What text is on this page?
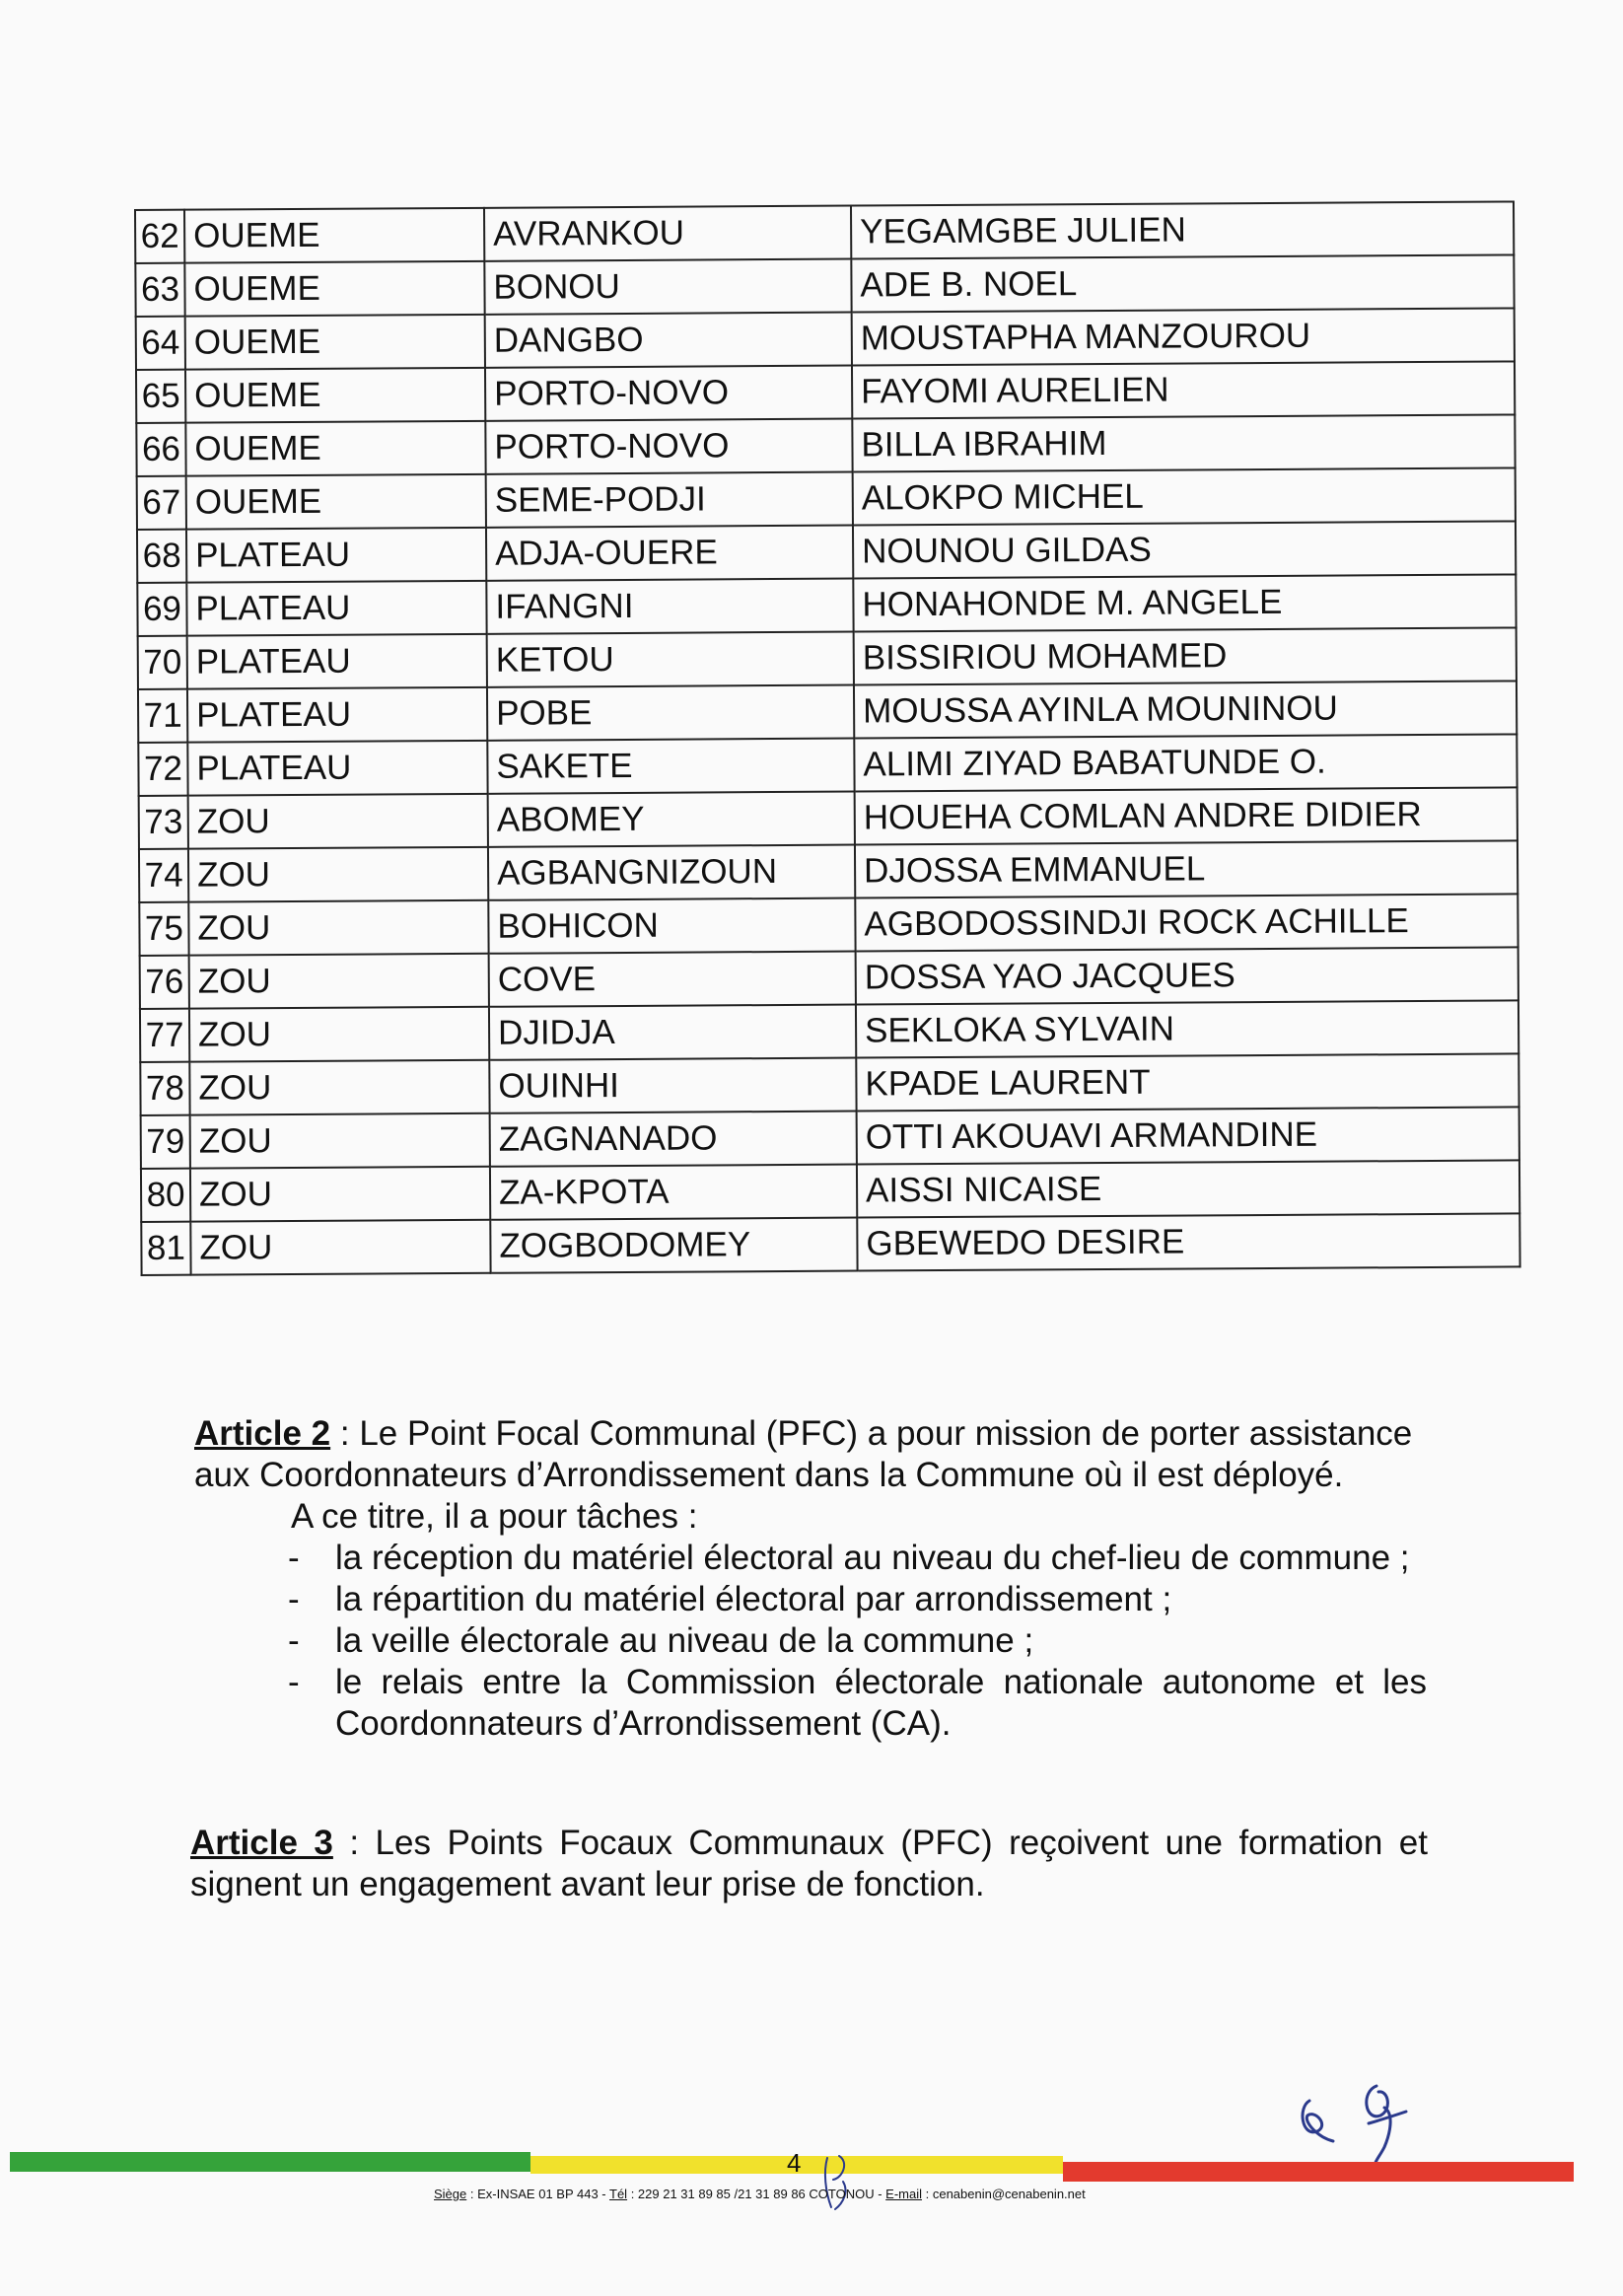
62	OUEME	AVRANKOU	YEGAMGBE JULIEN
63	OUEME	BONOU	ADE B. NOEL
64	OUEME	DANGBO	MOUSTAPHA MANZOUROU
65	OUEME	PORTO-NOVO	FAYOMI AURELIEN
66	OUEME	PORTO-NOVO	BILLA IBRAHIM
67	OUEME	SEME-PODJI	ALOKPO MICHEL
68	PLATEAU	ADJA-OUERE	NOUNOU GILDAS
69	PLATEAU	IFANGNI	HONAHONDE M. ANGELE
70	PLATEAU	KETOU	BISSIRIOU MOHAMED
71	PLATEAU	POBE	MOUSSA AYINLA MOUNINOU
72	PLATEAU	SAKETE	ALIMI ZIYAD BABATUNDE O.
73	ZOU	ABOMEY	HOUEHA COMLAN ANDRE DIDIER
74	ZOU	AGBANGNIZOUN	DJOSSA EMMANUEL
75	ZOU	BOHICON	AGBODOSSINDJI ROCK ACHILLE
76	ZOU	COVE	DOSSA YAO JACQUES
77	ZOU	DJIDJA	SEKLOKA SYLVAIN
78	ZOU	OUINHI	KPADE LAURENT
79	ZOU	ZAGNANADO	OTTI AKOUAVI ARMANDINE
80	ZOU	ZA-KPOTA	AISSI NICAISE
81	ZOU	ZOGBODOMEY	GBEWEDO DESIRE
Article 2 : Le Point Focal Communal (PFC) a pour mission de porter assistance
aux Coordonnateurs d’Arrondissement dans la Commune où il est déployé.
A ce titre, il a pour tâches :
- la réception du matériel électoral au niveau du chef-lieu de commune ;
- la répartition du matériel électoral par arrondissement ;
- la veille électorale au niveau de la commune ;
- le relais entre la Commission électorale nationale autonome et les Coordonnateurs d’Arrondissement (CA).
Article 3 : Les Points Focaux Communaux (PFC) reçoivent une formation et signent un engagement avant leur prise de fonction.
4
Siège : Ex-INSAE 01 BP 443 - Tél : 229 21 31 89 85 /21 31 89 86 COTONOU - E-mail : cenabenin@cenabenin.net
